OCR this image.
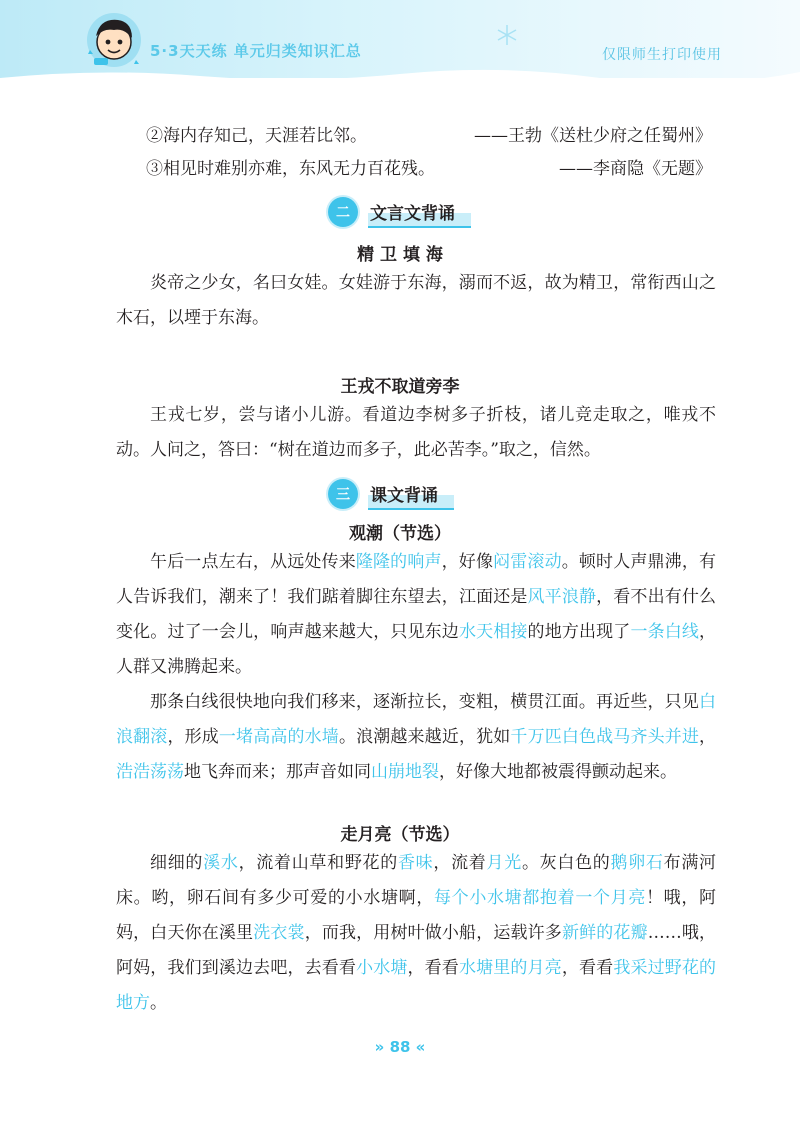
5·3天天练 单元归类知识汇总	仅限师生打印使用
②海内存知己，天涯若比邻。	——王勃《送杜少府之任蜀州》
③相见时难别亦难，东风无力百花残。	——李商隐《无题》
二	文言文背诵
精 卫 填 海

炎帝之少女，名曰女娃。女娃游于东海，溺而不返，故为精卫，常衔西山之木石，以堙于东海。

王戎不取道旁李

王戎七岁，尝与诸小儿游。看道边李树多子折枝，诸儿竞走取之，唯戎不动。人问之，答曰：“树在道边而多子，此必苦李。”取之，信然。

三	课文背诵
观潮（节选）

午后一点左右，从远处传来隆隆的响声，好像闷雷滚动。顿时人声鼎沸，有人告诉我们，潮来了！我们踮着脚往东望去，江面还是风平浪静，看不出有什么变化。过了一会儿，响声越来越大，只见东边水天相接的地方出现了一条白线，人群又沸腾起来。

那条白线很快地向我们移来，逐渐拉长，变粗，横贯江面。再近些，只见白浪翻滚，形成一堵高高的水墙。浪潮越来越近，犹如千万匹白色战马齐头并进，浩浩荡荡地飞奔而来；那声音如同山崩地裂，好像大地都被震得颤动起来。

走月亮（节选）

细细的溪水，流着山草和野花的香味，流着月光。灰白色的鹅卵石布满河床。哟，卵石间有多少可爱的小水塘啊，每个小水塘都抱着一个月亮！哦，阿妈，白天你在溪里洗衣裳，而我，用树叶做小船，运载许多新鲜的花瓣……哦，阿妈，我们到溪边去吧，去看看小水塘，看看水塘里的月亮，看看我采过野花的地方。

» 88 «
